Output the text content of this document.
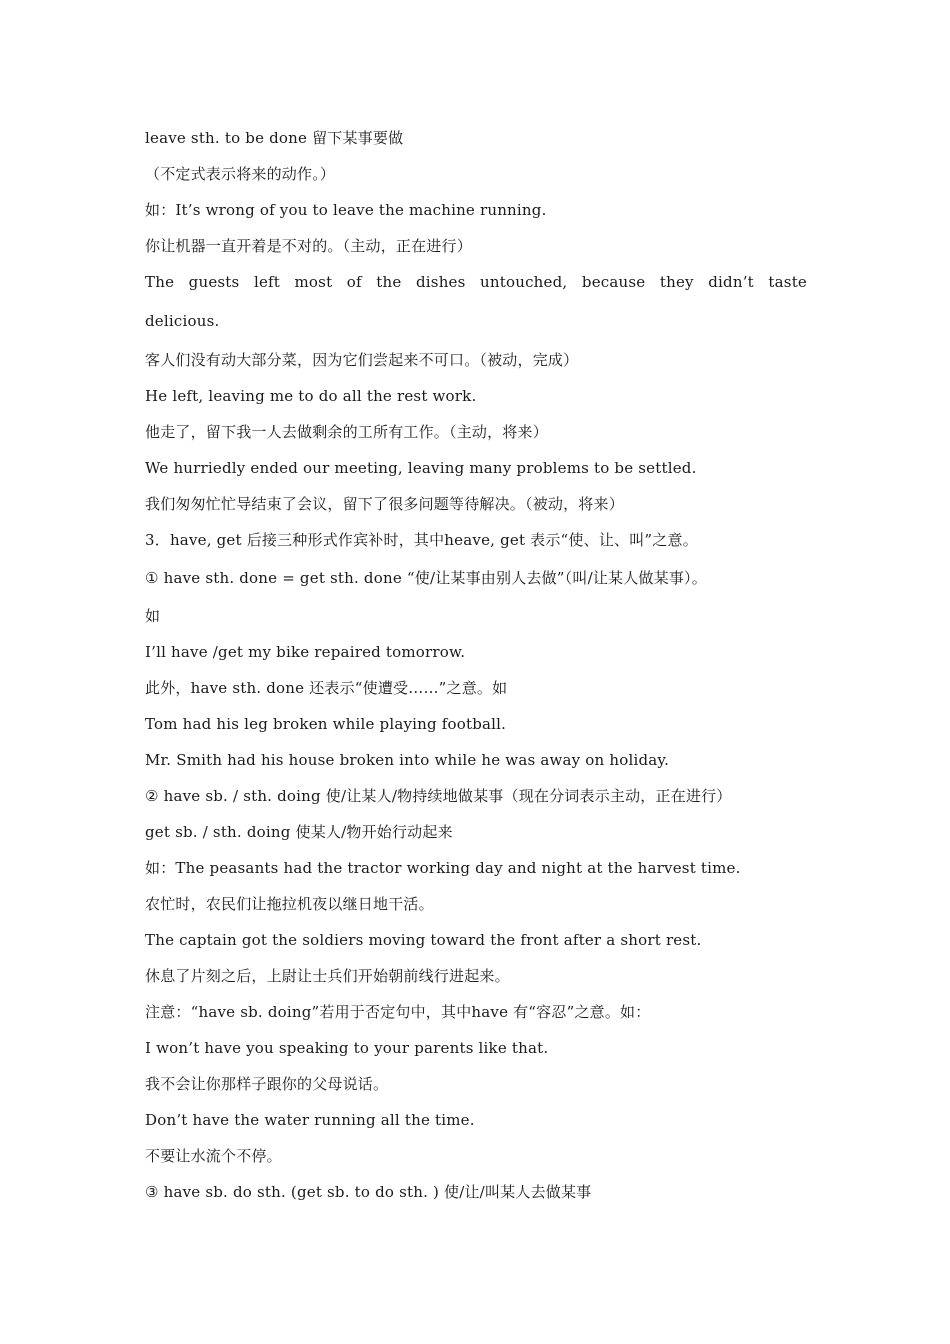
leave sth. to be done 留下某事要做
（不定式表示将来的动作。）
如：It’s wrong of you to leave the machine running.
你让机器一直开着是不对的。（主动，正在进行）
The guests left most of the dishes untouched, because they didn’t taste
delicious.
客人们没有动大部分菜，因为它们尝起来不可口。（被动，完成）
He left, leaving me to do all the rest work.
他走了，留下我一人去做剩余的工所有工作。（主动，将来）
We hurriedly ended our meeting, leaving many problems to be settled.
我们匆匆忙忙导结束了会议，留下了很多问题等待解决。（被动，将来）
3．have, get 后接三种形式作宾补时，其中heave, get 表示“使、让、叫”之意。
① have sth. done = get sth. done “使/让某事由别人去做”（叫/让某人做某事）。
如
I’ll have /get my bike repaired tomorrow.
此外，have sth. done 还表示“使遭受……”之意。如
Tom had his leg broken while playing football.
Mr. Smith had his house broken into while he was away on holiday.
② have sb. / sth. doing 使/让某人/物持续地做某事（现在分词表示主动，正在进行）
get sb. / sth. doing 使某人/物开始行动起来
如：The peasants had the tractor working day and night at the harvest time.
农忙时，农民们让拖拉机夜以继日地干活。
The captain got the soldiers moving toward the front after a short rest.
休息了片刻之后，上尉让士兵们开始朝前线行进起来。
注意：“have sb. doing”若用于否定句中，其中have 有“容忍”之意。如：
I won’t have you speaking to your parents like that.
我不会让你那样子跟你的父母说话。
Don’t have the water running all the time.
不要让水流个不停。
③ have sb. do sth. (get sb. to do sth. ) 使/让/叫某人去做某事
